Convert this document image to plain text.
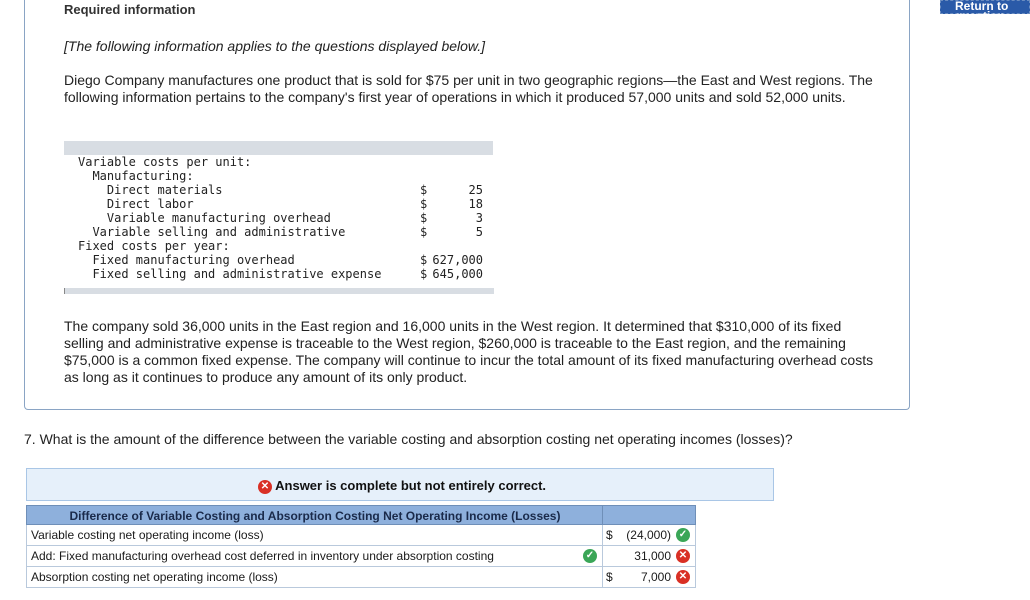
Return to question
Required information
[The following information applies to the questions displayed below.]
Diego Company manufactures one product that is sold for $75 per unit in two geographic regions—the East and West regions. The following information pertains to the company's first year of operations in which it produced 57,000 units and sold 52,000 units.
Variable costs per unit:
Manufacturing:
Direct materials	$	25
Direct labor	$	18
Variable manufacturing overhead	$	3
Variable selling and administrative	$	5
Fixed costs per year:
Fixed manufacturing overhead	$ 627,000
Fixed selling and administrative expense	$ 645,000
The company sold 36,000 units in the East region and 16,000 units in the West region. It determined that $310,000 of its fixed selling and administrative expense is traceable to the West region, $260,000 is traceable to the East region, and the remaining $75,000 is a common fixed expense. The company will continue to incur the total amount of its fixed manufacturing overhead costs as long as it continues to produce any amount of its only product.
7. What is the amount of the difference between the variable costing and absorption costing net operating incomes (losses)?
✕ Answer is complete but not entirely correct.
Difference of Variable Costing and Absorption Costing Net Operating Income (Losses)
Variable costing net operating income (loss)	$ (24,000) ✓
Add: Fixed manufacturing overhead cost deferred in inventory under absorption costing	✓	31,000 ✕
Absorption costing net operating income (loss)	$ 7,000 ✕
